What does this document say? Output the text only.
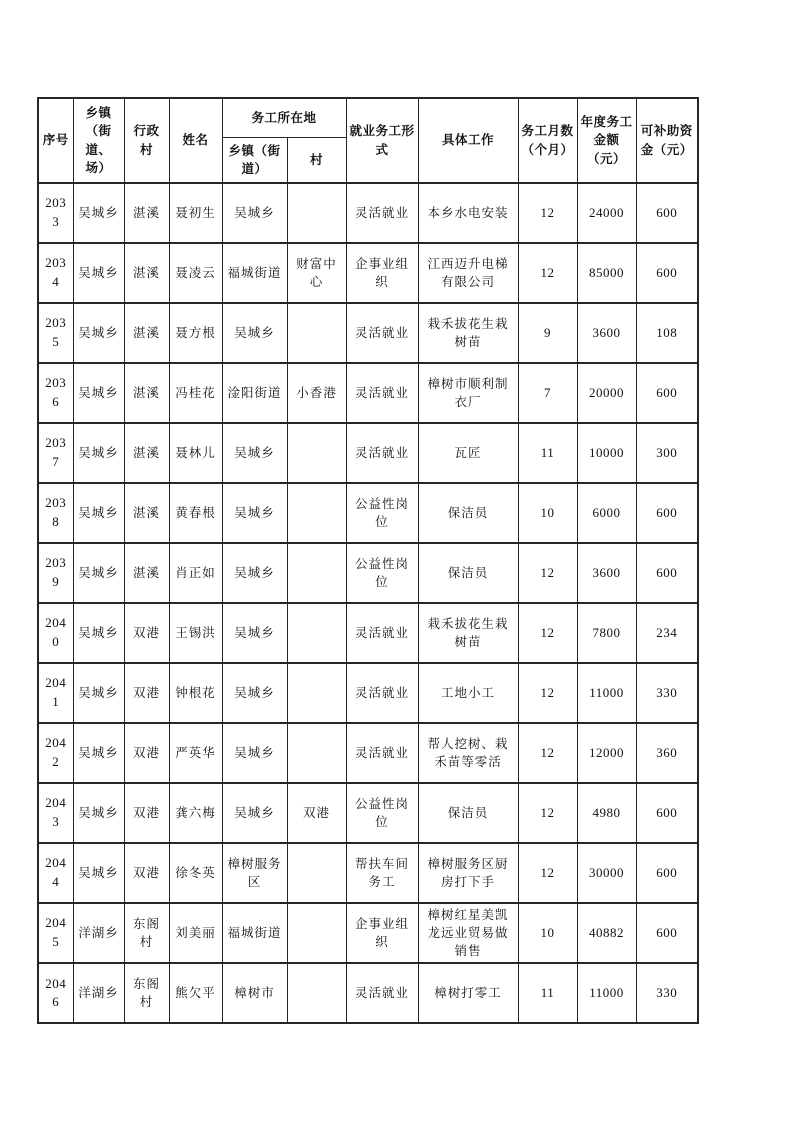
序号	乡镇（街道、场）	行政村	姓名	务工所在地		就业务工形式	具体工作	务工月数（个月）	年度务工金额（元）	可补助资金（元）
				乡镇（街道）	村					
2033	吴城乡	湛溪	聂初生	吴城乡		灵活就业	本乡水电安装	12	24000	600
2034	吴城乡	湛溪	聂凌云	福城街道	财富中心	企事业组织	江西迈升电梯有限公司	12	85000	600
2035	吴城乡	湛溪	聂方根	吴城乡		灵活就业	栽禾拔花生栽树苗	9	3600	108
2036	吴城乡	湛溪	冯桂花	淦阳街道	小香港	灵活就业	樟树市顺利制衣厂	7	20000	600
2037	吴城乡	湛溪	聂林儿	吴城乡		灵活就业	瓦匠	11	10000	300
2038	吴城乡	湛溪	黄春根	吴城乡		公益性岗位	保洁员	10	6000	600
2039	吴城乡	湛溪	肖正如	吴城乡		公益性岗位	保洁员	12	3600	600
2040	吴城乡	双港	王锡洪	吴城乡		灵活就业	栽禾拔花生栽树苗	12	7800	234
2041	吴城乡	双港	钟根花	吴城乡		灵活就业	工地小工	12	11000	330
2042	吴城乡	双港	严英华	吴城乡		灵活就业	帮人挖树、栽禾苗等零活	12	12000	360
2043	吴城乡	双港	龚六梅	吴城乡	双港	公益性岗位	保洁员	12	4980	600
2044	吴城乡	双港	徐冬英	樟树服务区		帮扶车间务工	樟树服务区厨房打下手	12	30000	600
2045	洋湖乡	东阁村	刘美丽	福城街道		企事业组织	樟树红星美凯龙远业贸易做销售	10	40882	600
2046	洋湖乡	东阁村	熊欠平	樟树市		灵活就业	樟树打零工	11	11000	330
